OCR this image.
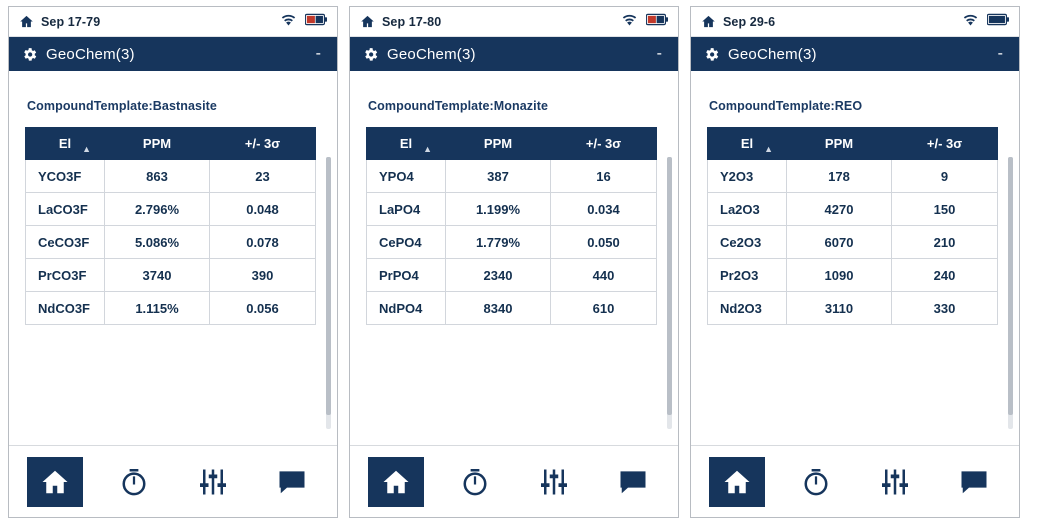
Sep 17-79
GeoChem(3)	-
CompoundTemplate:Bastnasite
El ▲	PPM	+/- 3σ
YCO3F	863	23
LaCO3F	2.796%	0.048
CeCO3F	5.086%	0.078
PrCO3F	3740	390
NdCO3F	1.115%	0.056
Sep 17-80
GeoChem(3)	-
CompoundTemplate:Monazite
El ▲	PPM	+/- 3σ
YPO4	387	16
LaPO4	1.199%	0.034
CePO4	1.779%	0.050
PrPO4	2340	440
NdPO4	8340	610
Sep 29-6
GeoChem(3)	-
CompoundTemplate:REO
El ▲	PPM	+/- 3σ
Y2O3	178	9
La2O3	4270	150
Ce2O3	6070	210
Pr2O3	1090	240
Nd2O3	3110	330
